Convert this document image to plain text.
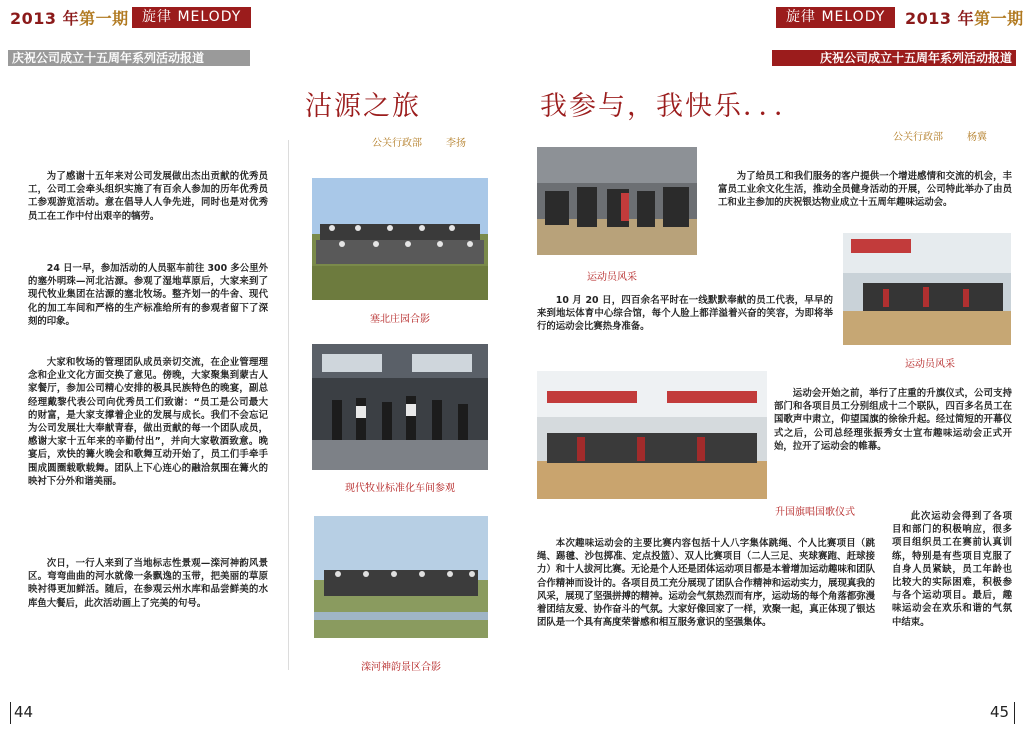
2013 年第一期 旋律 MELODY
庆祝公司成立十五周年系列活动报道
旋律 MELODY	2013 年第一期
庆祝公司成立十五周年系列活动报道
沽源之旅
公关行政部 李扬
为了感谢十五年来对公司发展做出杰出贡献的优秀员工，公司工会牵头组织实施了有百余人参加的历年优秀员工参观游览活动。意在倡导人人争先进，同时也是对优秀员工在工作中付出艰辛的犒劳。
24 日一早，参加活动的人员驱车前往 300 多公里外的塞外明珠—河北沽源。参观了湿地草原后，大家来到了现代牧业集团在沽源的塞北牧场。整齐划一的牛舍、现代化的加工车间和严格的生产标准给所有的参观者留下了深刻的印象。
大家和牧场的管理团队成员亲切交流，在企业管理理念和企业文化方面交换了意见。傍晚，大家聚集到蒙古人家餐厅，参加公司精心安排的极具民族特色的晚宴，副总经理戴黎代表公司向优秀员工们致谢：“员工是公司最大的财富，是大家支撑着企业的发展与成长。我们不会忘记为公司发展壮大奉献青春，做出贡献的每一个团队成员，感谢大家十五年来的辛勤付出”，并向大家敬酒致意。晚宴后，欢快的篝火晚会和歌舞互动开始了，员工们手牵手围成圆圈载歌载舞。团队上下心连心的融洽氛围在篝火的映衬下分外和谐美丽。
次日，一行人来到了当地标志性景观—滦河神韵风景区。弯弯曲曲的河水就像一条飘逸的玉带，把美丽的草原映衬得更加鲜活。随后，在参观云州水库和品尝鲜美的水库鱼大餐后，此次活动画上了完美的句号。
塞北庄园合影
现代牧业标准化车间参观
滦河神韵景区合影
我参与，我快乐．．．
公关行政部 杨冀
运动员风采
运动员风采
升国旗唱国歌仪式
为了给员工和我们服务的客户提供一个增进感情和交流的机会，丰富员工业余文化生活，推动全员健身活动的开展，公司特此举办了由员工和业主参加的庆祝银达物业成立十五周年趣味运动会。
10 月 20 日，四百余名平时在一线默默奉献的员工代表，早早的来到地坛体育中心综合馆，每个人脸上都洋溢着兴奋的笑容，为即将举行的运动会比赛热身准备。
运动会开始之前，举行了庄重的升旗仪式，公司支持部门和各项目员工分别组成十二个联队，四百多名员工在国歌声中肃立，仰望国旗的徐徐升起。经过简短的开幕仪式之后，公司总经理张振秀女士宣布趣味运动会正式开始，拉开了运动会的帷幕。
本次趣味运动会的主要比赛内容包括十人八字集体跳绳、个人比赛项目（跳绳、踢毽、沙包掷准、定点投篮）、双人比赛项目（二人三足、夹球赛跑、赶球接力）和十人拔河比赛。无论是个人还是团体运动项目都是本着增加运动趣味和团队合作精神而设计的。各项目员工充分展现了团队合作精神和运动实力，展现真我的风采，展现了坚强拼搏的精神。运动会气氛热烈而有序，运动场的每个角落都弥漫着团结友爱、协作奋斗的气氛。大家好像回家了一样，欢聚一起，真正体现了银达团队是一个具有高度荣誉感和相互服务意识的坚强集体。
此次运动会得到了各项目和部门的积极响应，很多项目组织员工在赛前认真训练，特别是有些项目克服了自身人员紧缺，员工年龄也比较大的实际困难，积极参与各个运动项目。最后，趣味运动会在欢乐和谐的气氛中结束。
44	45
